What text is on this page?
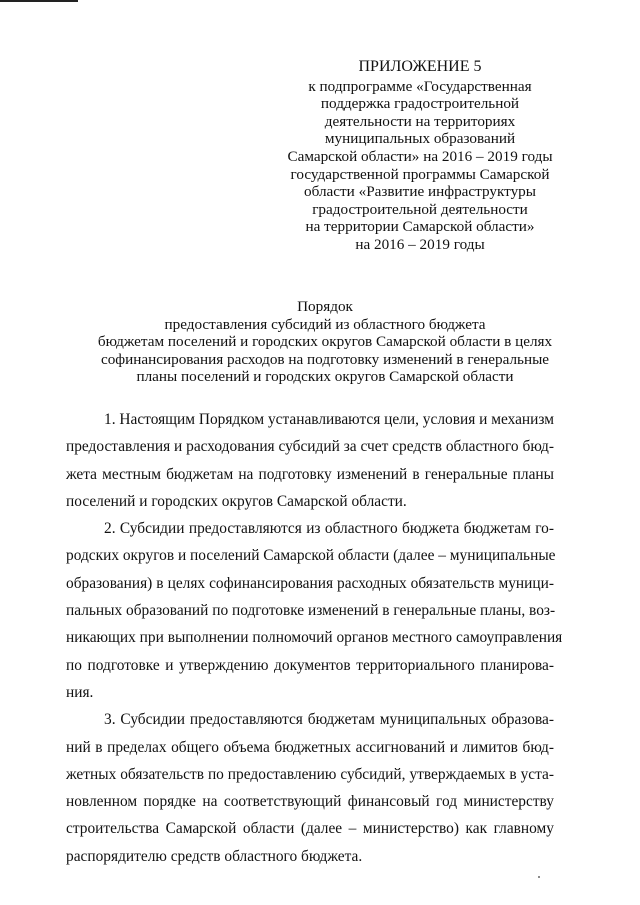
ПРИЛОЖЕНИЕ 5
к подпрограмме «Государственная
поддержка градостроительной
деятельности на территориях
муниципальных образований
Самарской области» на 2016 – 2019 годы
государственной программы Самарской
области «Развитие инфраструктуры
градостроительной деятельности
на территории Самарской области»
на 2016 – 2019 годы
Порядок
предоставления субсидий из областного бюджета
бюджетам поселений и городских округов Самарской области в целях
софинансирования расходов на подготовку изменений в генеральные
планы поселений и городских округов Самарской области
1. Настоящим Порядком устанавливаются цели, условия и механизм
предоставления и расходования субсидий за счет средств областного бюд-
жета местным бюджетам на подготовку изменений в генеральные планы
поселений и городских округов Самарской области.
2. Субсидии предоставляются из областного бюджета бюджетам го-
родских округов и поселений Самарской области (далее – муниципальные
образования) в целях софинансирования расходных обязательств муници-
пальных образований по подготовке изменений в генеральные планы, воз-
никающих при выполнении полномочий органов местного самоуправления
по подготовке и утверждению документов территориального планирова-
ния.
3. Субсидии предоставляются бюджетам муниципальных образова-
ний в пределах общего объема бюджетных ассигнований и лимитов бюд-
жетных обязательств по предоставлению субсидий, утверждаемых в уста-
новленном порядке на соответствующий финансовый год министерству
строительства Самарской области (далее – министерство) как главному
распорядителю средств областного бюджета.
